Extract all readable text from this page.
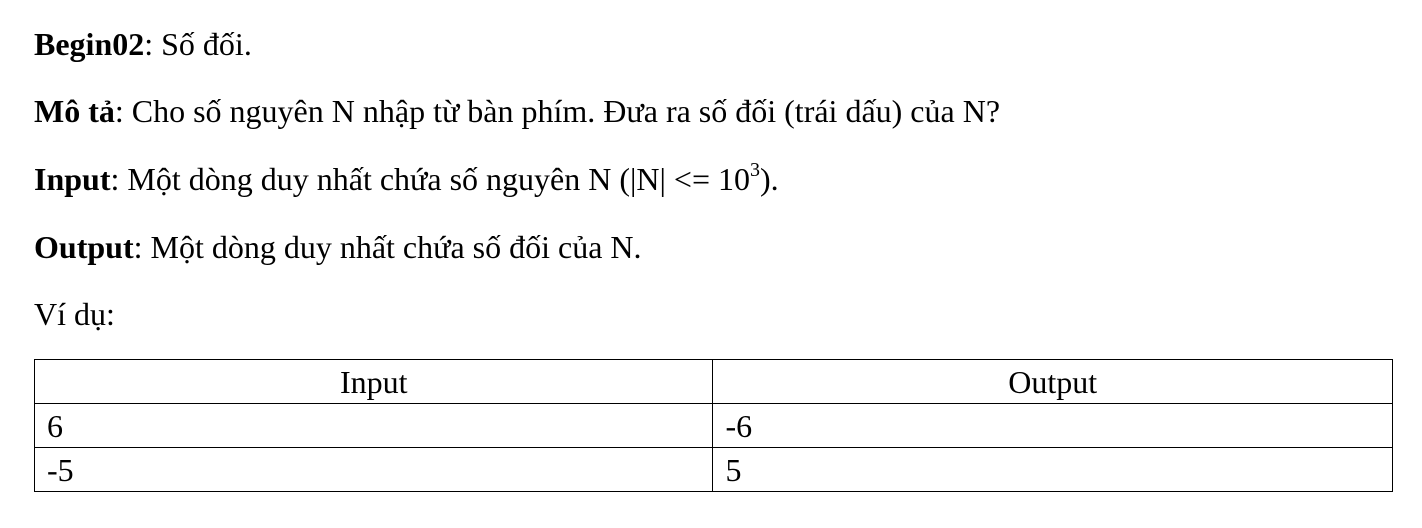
Begin02: Số đối.
Mô tả: Cho số nguyên N nhập từ bàn phím. Đưa ra số đối (trái dấu) của N?
Input: Một dòng duy nhất chứa số nguyên N $(|N| <= 10^3)$.
Output: Một dòng duy nhất chứa số đối của N.
Ví dụ:
Input	Output
6	-6
-5	5
